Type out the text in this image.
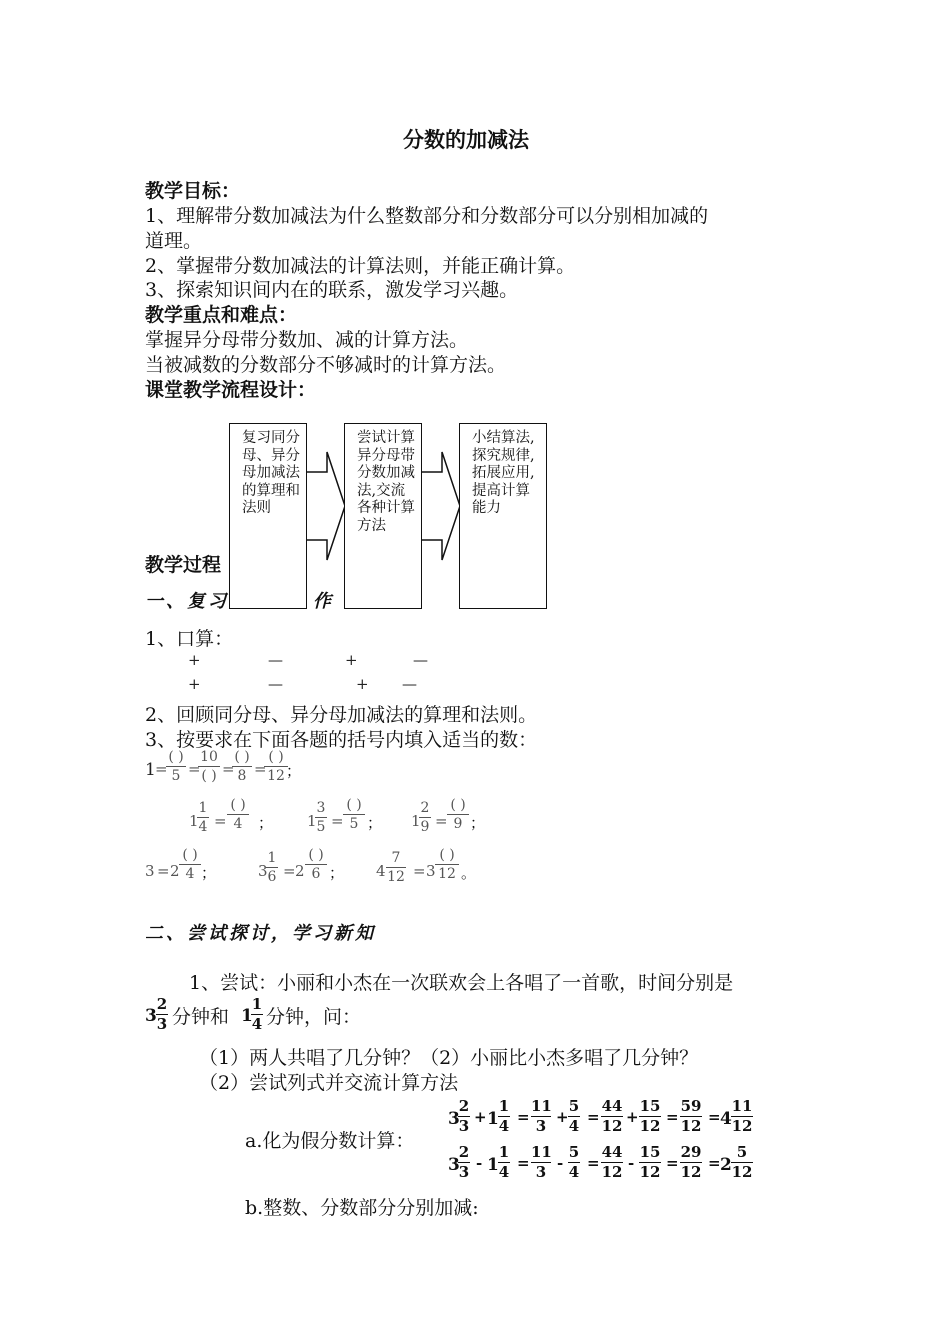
分数的加减法
教学目标：
1、理解带分数加减法为什么整数部分和分数部分可以分别相加减的
道理。
2、掌握带分数加减法的计算法则，并能正确计算。
3、探索知识间内在的联系，激发学习兴趣。
教学重点和难点：
掌握异分母带分数加、减的计算方法。
当被减数的分数部分不够减时的计算方法。
课堂教学流程设计：
教学过程
一、复习	作
复习同分母、异分母加减法的算理和法则
尝试计算异分母带分数加减法,交流各种计算方法
小结算法,探究规律,拓展应用,提高计算能力
1、口算：
+	—	+	—
+	—	+ —
2、回顾同分母、异分母加减法的算理和法则。
3、按要求在下面各题的括号内填入适当的数：
1 =
( )
5 =
10
( ) =
( )
8 =
( )
12 ；
1
1
4 =
( )
4	； 1
3
5 =
( )
5 ； 1
2
9 =
( )
9 ；
3 = 2
( )
4 ；	3
1
6 = 2
( )
6 ； 4
7
12 = 3
( )
12 。
二、尝试探讨，学习新知
1、尝试：小丽和小杰在一次联欢会上各唱了一首歌，时间分别是
3
2
3 分钟和 1
1
4 分钟，问：
（1）两人共唱了几分钟？（2）小丽比小杰多唱了几分钟？
（2）尝试列式并交流计算方法
a.化为假分数计算：
3
2
3 + 1
1
4 =
11
3 +
5
4 =
44
12 +
15
12 =
59
12 = 4
11
12
3
2
3 - 1
1
4 =
11
3 -
5
4 =
44
12 -
15
12 =
29
12 = 2
5
12
b.整数、分数部分分别加减:
